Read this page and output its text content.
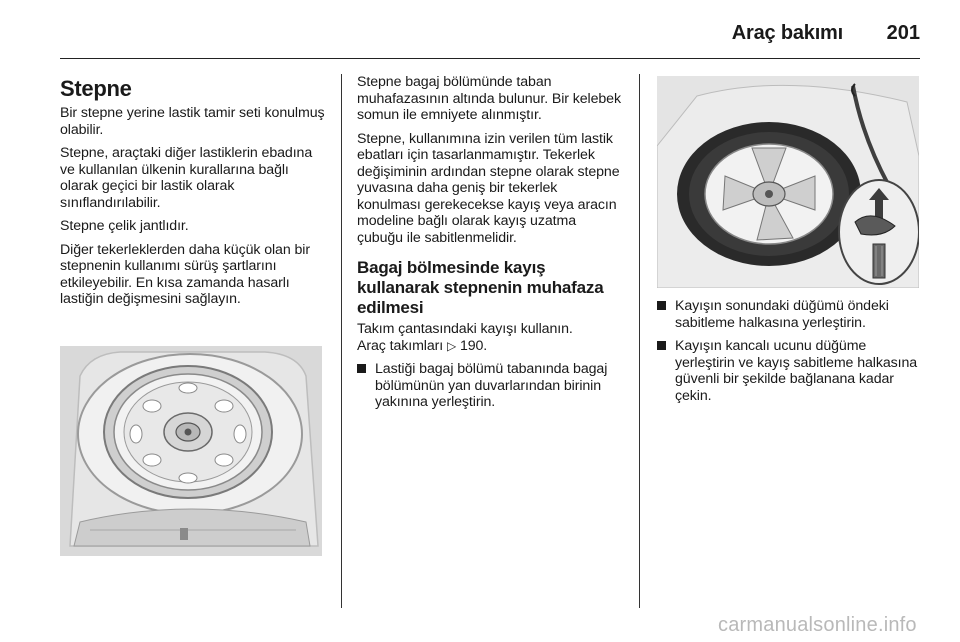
Araç bakımı 201
Stepne

Bir stepne yerine lastik tamir seti konulmuş olabilir.

Stepne, araçtaki diğer lastiklerin ebadına ve kullanılan ülkenin kurallarına bağlı olarak geçici bir lastik olarak sınıflandırılabilir.

Stepne çelik jantlıdır.

Diğer tekerleklerden daha küçük olan bir stepnenin kullanımı sürüş şartlarını etkileyebilir. En kısa zamanda hasarlı lastiğin değişmesini sağlayın.

Stepne bagaj bölümünde taban muhafazasının altında bulunur. Bir kelebek somun ile emniyete alınmıştır.

Stepne, kullanımına izin verilen tüm lastik ebatları için tasarlanmamıştır. Tekerlek değişiminin ardından stepne olarak stepne yuvasına daha geniş bir tekerlek konulması gerekecekse kayış veya aracın modeline bağlı olarak kayış uzatma çubuğu ile sabitlenmelidir.

Bagaj bölmesinde kayış kullanarak stepnenin muhafaza edilmesi

Takım çantasındaki kayışı kullanın.
Araç takımları ▷ 190.

Lastiği bagaj bölümü tabanında bagaj bölümünün yan duvarlarından birinin yakınına yerleştirin.
Kayışın sonundaki düğümü öndeki sabitleme halkasına yerleştirin.
Kayışın kancalı ucunu düğüme yerleştirin ve kayış sabitleme halkasına güvenli bir şekilde bağlanana kadar çekin.
carmanualsonline.info
